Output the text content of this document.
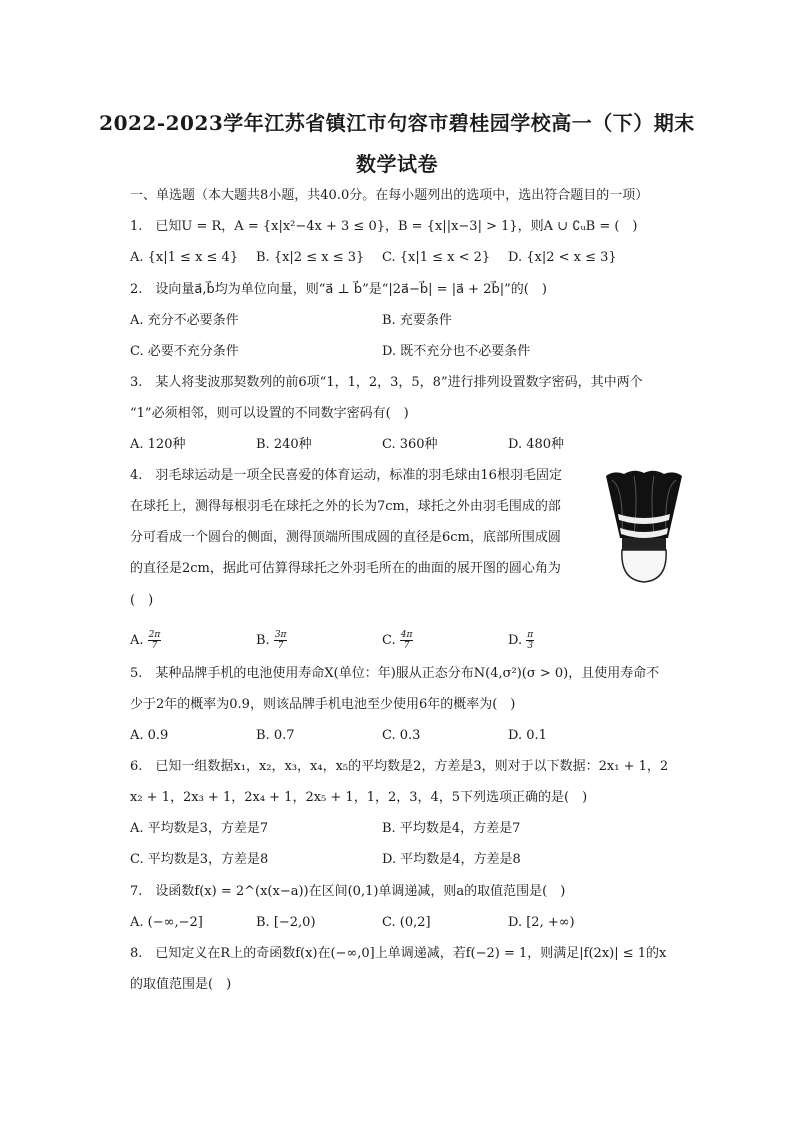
2022-2023学年江苏省镇江市句容市碧桂园学校高一（下）期末
数学试卷
一、单选题（本大题共8小题，共40.0分。在每小题列出的选项中，选出符合题目的一项）
1.　已知U = R，A = {x|x²−4x + 3 ≤ 0}，B = {x||x−3| > 1}，则A ∪ ∁ᵤB = (　)
A. {x|1 ≤ x ≤ 4} B. {x|2 ≤ x ≤ 3} C. {x|1 ≤ x < 2} D. {x|2 < x ≤ 3}
2.　设向量a⃗,b⃗均为单位向量，则“a⃗ ⊥ b⃗”是“|2a⃗−b⃗| = |a⃗ + 2b⃗|”的(　)
A. 充分不必要条件	B. 充要条件
C. 必要不充分条件	D. 既不充分也不必要条件
3.　某人将斐波那契数列的前6项“1，1，2，3，5，8”进行排列设置数字密码，其中两个
“1”必须相邻，则可以设置的不同数字密码有(　)
A. 120种	B. 240种	C. 360种	D. 480种
4.　羽毛球运动是一项全民喜爱的体育运动，标准的羽毛球由16根羽毛固定
在球托上，测得每根羽毛在球托之外的长为7cm，球托之外由羽毛围成的部
分可看成一个圆台的侧面，测得顶端所围成圆的直径是6cm，底部所围成圆
的直径是2cm，据此可估算得球托之外羽毛所在的曲面的展开图的圆心角为
(　)
A. $\frac{2\pi}{7}$	B. $\frac{3\pi}{7}$	C. $\frac{4\pi}{7}$	D. $\frac{\pi}{3}$
5.　某种品牌手机的电池使用寿命X(单位：年)服从正态分布N(4,σ²)(σ > 0)，且使用寿命不
少于2年的概率为0.9，则该品牌手机电池至少使用6年的概率为(　)
A. 0.9	B. 0.7	C. 0.3	D. 0.1
6.　已知一组数据x₁，x₂，x₃，x₄，x₅的平均数是2，方差是3，则对于以下数据：2x₁ + 1，2
x₂ + 1，2x₃ + 1，2x₄ + 1，2x₅ + 1，1，2，3，4，5下列选项正确的是(　)
A. 平均数是3，方差是7	B. 平均数是4，方差是7
C. 平均数是3，方差是8	D. 平均数是4，方差是8
7.　设函数f(x) = 2^(x(x−a))在区间(0,1)单调递减，则a的取值范围是(　)
A. (−∞,−2]	B. [−2,0)	C. (0,2]	D. [2, +∞)
8.　已知定义在R上的奇函数f(x)在(−∞,0]上单调递减，若f(−2) = 1，则满足|f(2x)| ≤ 1的x
的取值范围是(　)
